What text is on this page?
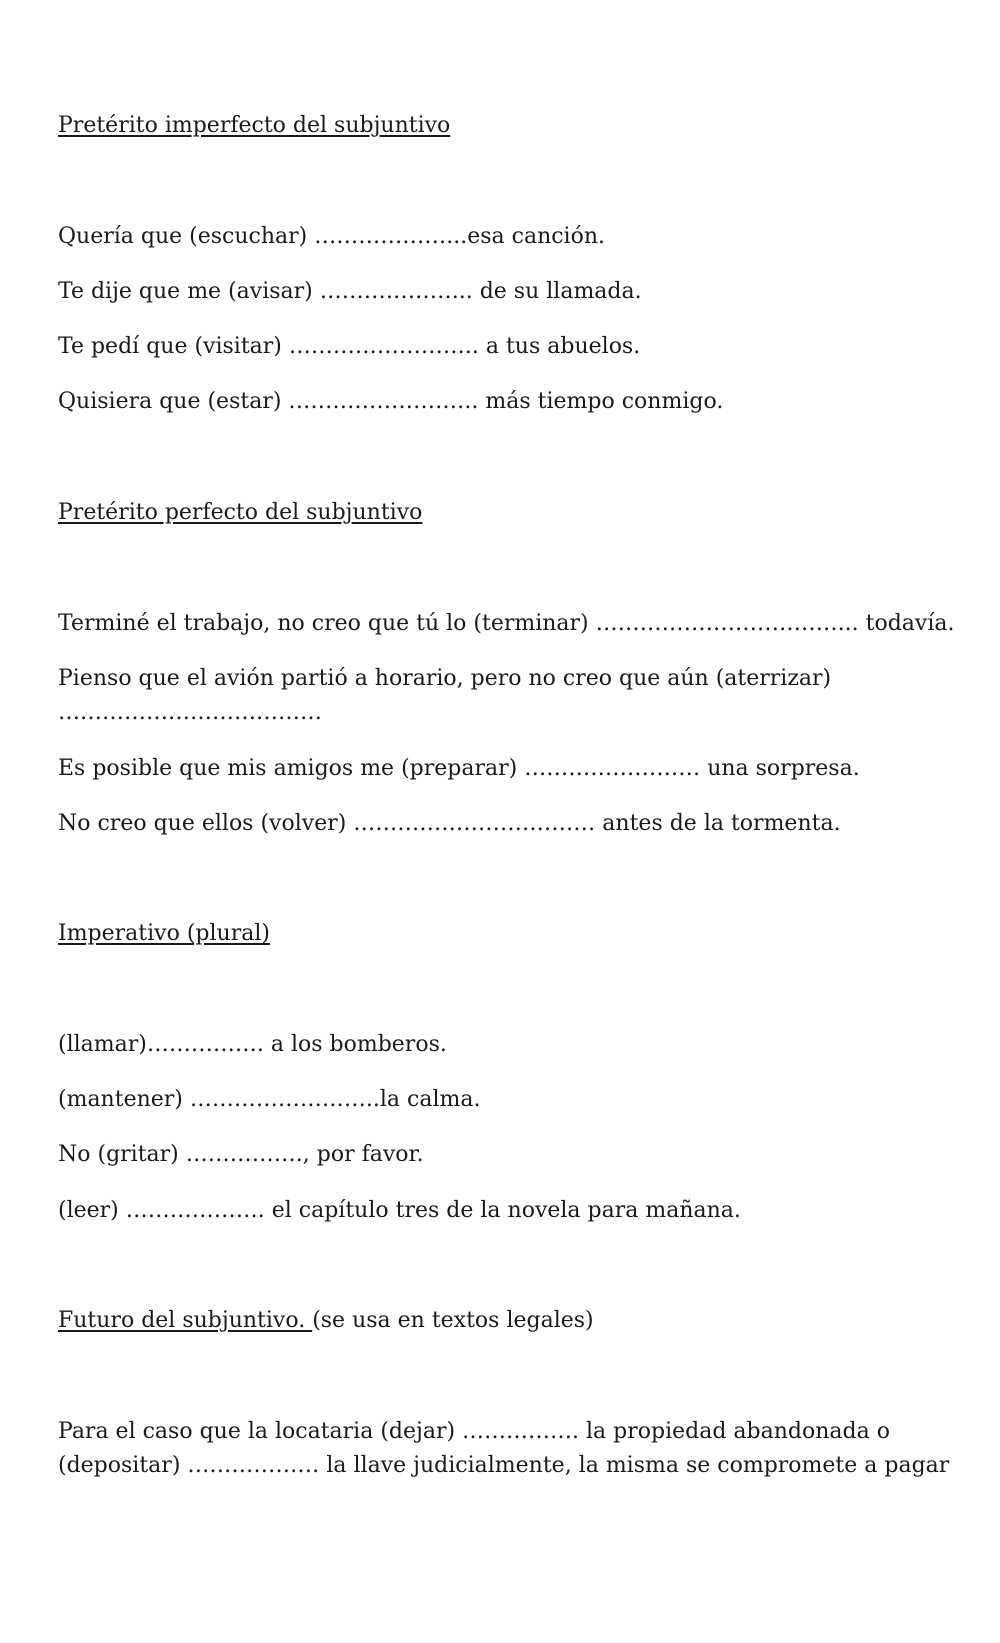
Pretérito imperfecto del subjuntivo
Quería que (escuchar) ………………...esa canción.
Te dije que me (avisar) ………………... de su llamada.
Te pedí que (visitar) …………………….. a tus abuelos.
Quisiera que (estar) …………………….. más tiempo conmigo.
Pretérito perfecto del subjuntivo
Terminé el trabajo, no creo que tú lo (terminar) ……………………………... todavía.
Pienso que el avión partió a horario, pero no creo que aún (aterrizar)
………………………………
Es posible que mis amigos me (preparar) …………………… una sorpresa.
No creo que ellos (volver) …………………………… antes de la tormenta.
Imperativo (plural)
(llamar)……………. a los bomberos.
(mantener) ……………………..la calma.
No (gritar) ……………., por favor.
(leer) ………………. el capítulo tres de la novela para mañana.
Futuro del subjuntivo. (se usa en textos legales)
Para el caso que la locataria (dejar) ……………. la propiedad abandonada o
(depositar) ……………… la llave judicialmente, la misma se compromete a pagar
